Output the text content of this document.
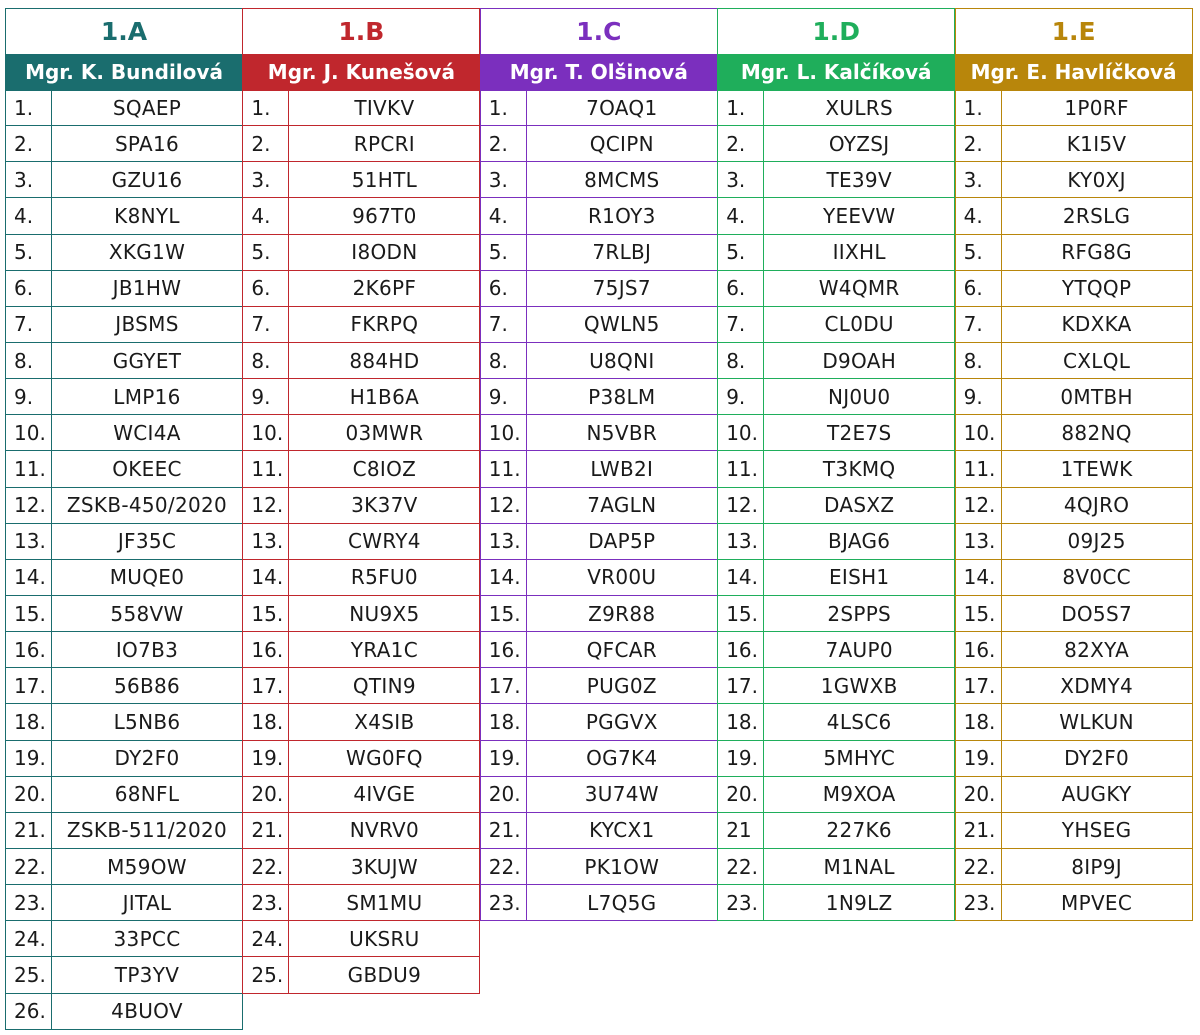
1.A
Mgr. K. Bundilová
1.	SQAEP
2.	SPA16
3.	GZU16
4.	K8NYL
5.	XKG1W
6.	JB1HW
7.	JBSMS
8.	GGYET
9.	LMP16
10.	WCI4A
11.	OKEEC
12.	ZSKB-450/2020
13.	JF35C
14.	MUQE0
15.	558VW
16.	IO7B3
17.	56B86
18.	L5NB6
19.	DY2F0
20.	68NFL
21.	ZSKB-511/2020
22.	M59OW
23.	JITAL
24.	33PCC
25.	TP3YV
26.	4BUOV
1.B
Mgr. J. Kunešová
1.	TIVKV
2.	RPCRI
3.	51HTL
4.	967T0
5.	I8ODN
6.	2K6PF
7.	FKRPQ
8.	884HD
9.	H1B6A
10.	03MWR
11.	C8IOZ
12.	3K37V
13.	CWRY4
14.	R5FU0
15.	NU9X5
16.	YRA1C
17.	QTIN9
18.	X4SIB
19.	WG0FQ
20.	4IVGE
21.	NVRV0
22.	3KUJW
23.	SM1MU
24.	UKSRU
25.	GBDU9
1.C
Mgr. T. Olšinová
1.	7OAQ1
2.	QCIPN
3.	8MCMS
4.	R1OY3
5.	7RLBJ
6.	75JS7
7.	QWLN5
8.	U8QNI
9.	P38LM
10.	N5VBR
11.	LWB2I
12.	7AGLN
13.	DAP5P
14.	VR00U
15.	Z9R88
16.	QFCAR
17.	PUG0Z
18.	PGGVX
19.	OG7K4
20.	3U74W
21.	KYCX1
22.	PK1OW
23.	L7Q5G
1.D
Mgr. L. Kalčíková
1.	XULRS
2.	OYZSJ
3.	TE39V
4.	YEEVW
5.	IIXHL
6.	W4QMR
7.	CL0DU
8.	D9OAH
9.	NJ0U0
10.	T2E7S
11.	T3KMQ
12.	DASXZ
13.	BJAG6
14.	EISH1
15.	2SPPS
16.	7AUP0
17.	1GWXB
18.	4LSC6
19.	5MHYC
20.	M9XOA
21	227K6
22.	M1NAL
23.	1N9LZ
1.E
Mgr. E. Havlíčková
1.	1P0RF
2.	K1I5V
3.	KY0XJ
4.	2RSLG
5.	RFG8G
6.	YTQQP
7.	KDXKA
8.	CXLQL
9.	0MTBH
10.	882NQ
11.	1TEWK
12.	4QJRO
13.	09J25
14.	8V0CC
15.	DO5S7
16.	82XYA
17.	XDMY4
18.	WLKUN
19.	DY2F0
20.	AUGKY
21.	YHSEG
22.	8IP9J
23.	MPVEC
